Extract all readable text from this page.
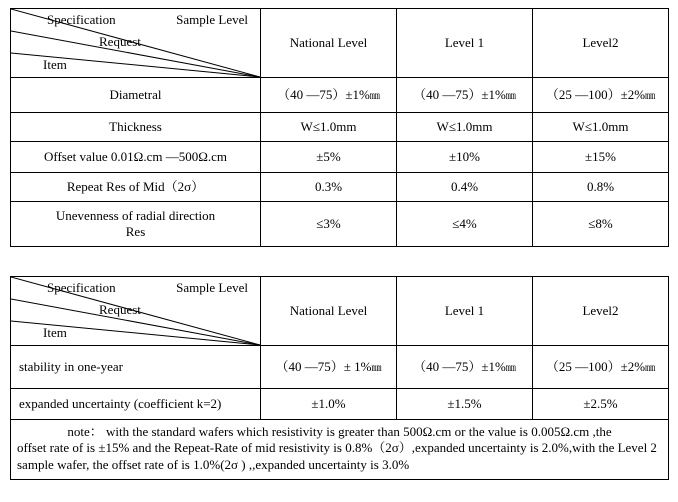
Sample Level
Specification
Request
Item	National Level	Level 1	Level2
Diametral	（40 —75）±1%㎜	（40 —75）±1%㎜	（25 —100）±2%㎜
Thickness	W≤1.0mm	W≤1.0mm	W≤1.0mm
Offset value 0.01Ω.cm —500Ω.cm	±5%	±10%	±15%
Repeat Res of Mid（2σ）	0.3%	0.4%	0.8%

Unevenness of radial direction
Res	≤3%	≤4%	≤8%
Sample Level
Specification
Request
Item	National Level	Level 1	Level2
stability in one-year	（40 —75）± 1%㎜	（40 —75）±1%㎜	（25 —100）±2%㎜
expanded uncertainty (coefficient k=2)	±1.0%	±1.5%	±2.5%

note： with the standard wafers which resistivity is greater than 500Ω.cm or the value is 0.005Ω.cm ,the
offset rate of is ±15% and the Repeat-Rate of mid resistivity is 0.8%（2σ）,expanded uncertainty is 2.0%,with the Level 2 sample wafer, the offset rate of is 1.0%(2σ ) ,,expanded uncertainty is 3.0%			
